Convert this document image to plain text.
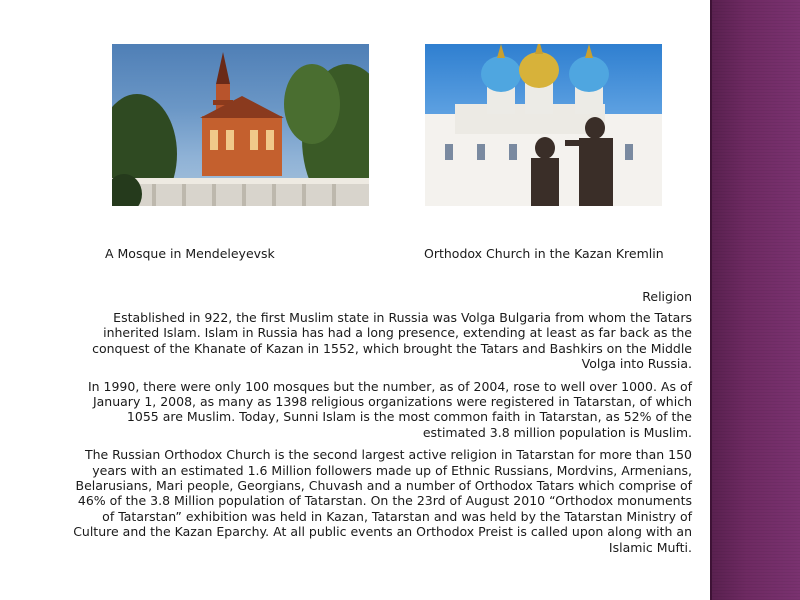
A Mosque in Mendeleyevsk	Orthodox Church in the Kazan Kremlin
Religion

Established in 922, the first Muslim state in Russia was Volga Bulgaria from whom the Tatars inherited Islam. Islam in Russia has had a long presence, extending at least as far back as the conquest of the Khanate of Kazan in 1552, which brought the Tatars and Bashkirs on the Middle Volga into Russia.

In 1990, there were only 100 mosques but the number, as of 2004, rose to well over 1000. As of January 1, 2008, as many as 1398 religious organizations were registered in Tatarstan, of which 1055 are Muslim. Today, Sunni Islam is the most common faith in Tatarstan, as 52% of the estimated 3.8 million population is Muslim.

The Russian Orthodox Church is the second largest active religion in Tatarstan for more than 150 years with an estimated 1.6 Million followers made up of Ethnic Russians, Mordvins, Armenians, Belarusians, Mari people, Georgians, Chuvash and a number of Orthodox Tatars which comprise of 46% of the 3.8 Million population of Tatarstan. On the 23rd of August 2010 “Orthodox monuments of Tatarstan” exhibition was held in Kazan, Tatarstan and was held by the Tatarstan Ministry of Culture and the Kazan Eparchy. At all public events an Orthodox Preist is called upon along with an Islamic Mufti.
